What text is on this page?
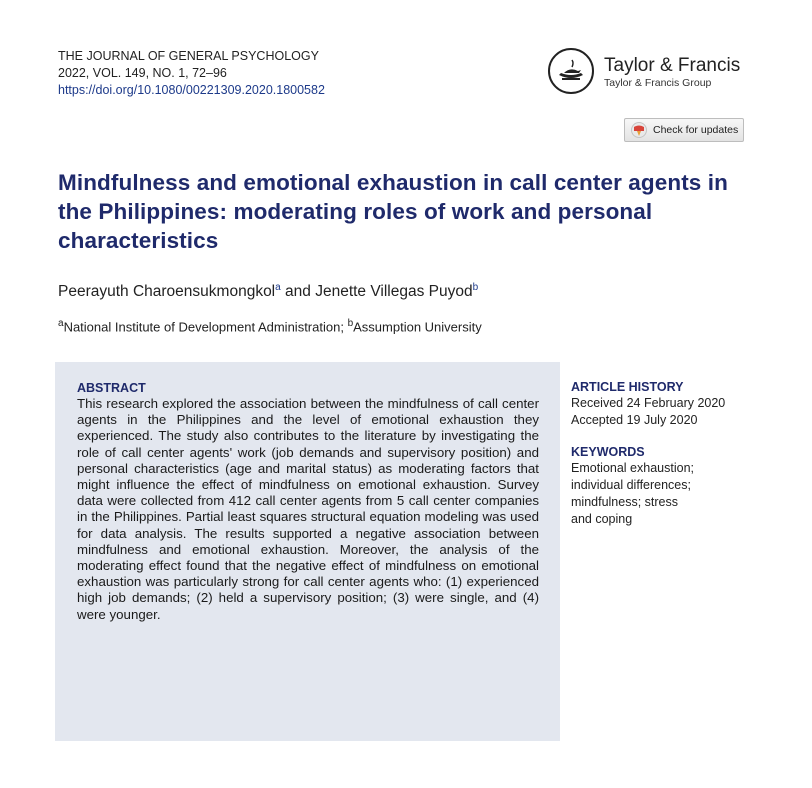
THE JOURNAL OF GENERAL PSYCHOLOGY
2022, VOL. 149, NO. 1, 72–96
https://doi.org/10.1080/00221309.2020.1800582
Taylor & Francis
Taylor & Francis Group
Check for updates
Mindfulness and emotional exhaustion in call center agents in the Philippines: moderating roles of work and personal characteristics
Peerayuth Charoensukmongkol$^a$ and Jenette Villegas Puyod$^b$
$^a$National Institute of Development Administration; $^b$Assumption University
ABSTRACT
This research explored the association between the mindfulness of call center agents in the Philippines and the level of emotional exhaustion they experienced. The study also contributes to the literature by investigating the role of call center agents' work (job demands and supervisory position) and personal characteristics (age and marital status) as moderating factors that might influence the effect of mindfulness on emotional exhaustion. Survey data were collected from 412 call center agents from 5 call center companies in the Philippines. Partial least squares structural equation modeling was used for data analysis. The results supported a negative association between mindfulness and emotional exhaustion. Moreover, the analysis of the moderating effect found that the negative effect of mindfulness on emotional exhaustion was particularly strong for call center agents who: (1) experienced high job demands; (2) held a supervisory position; (3) were single, and (4) were younger.
ARTICLE HISTORY
Received 24 February 2020
Accepted 19 July 2020
KEYWORDS
Emotional exhaustion;
individual differences;
mindfulness; stress
and coping
